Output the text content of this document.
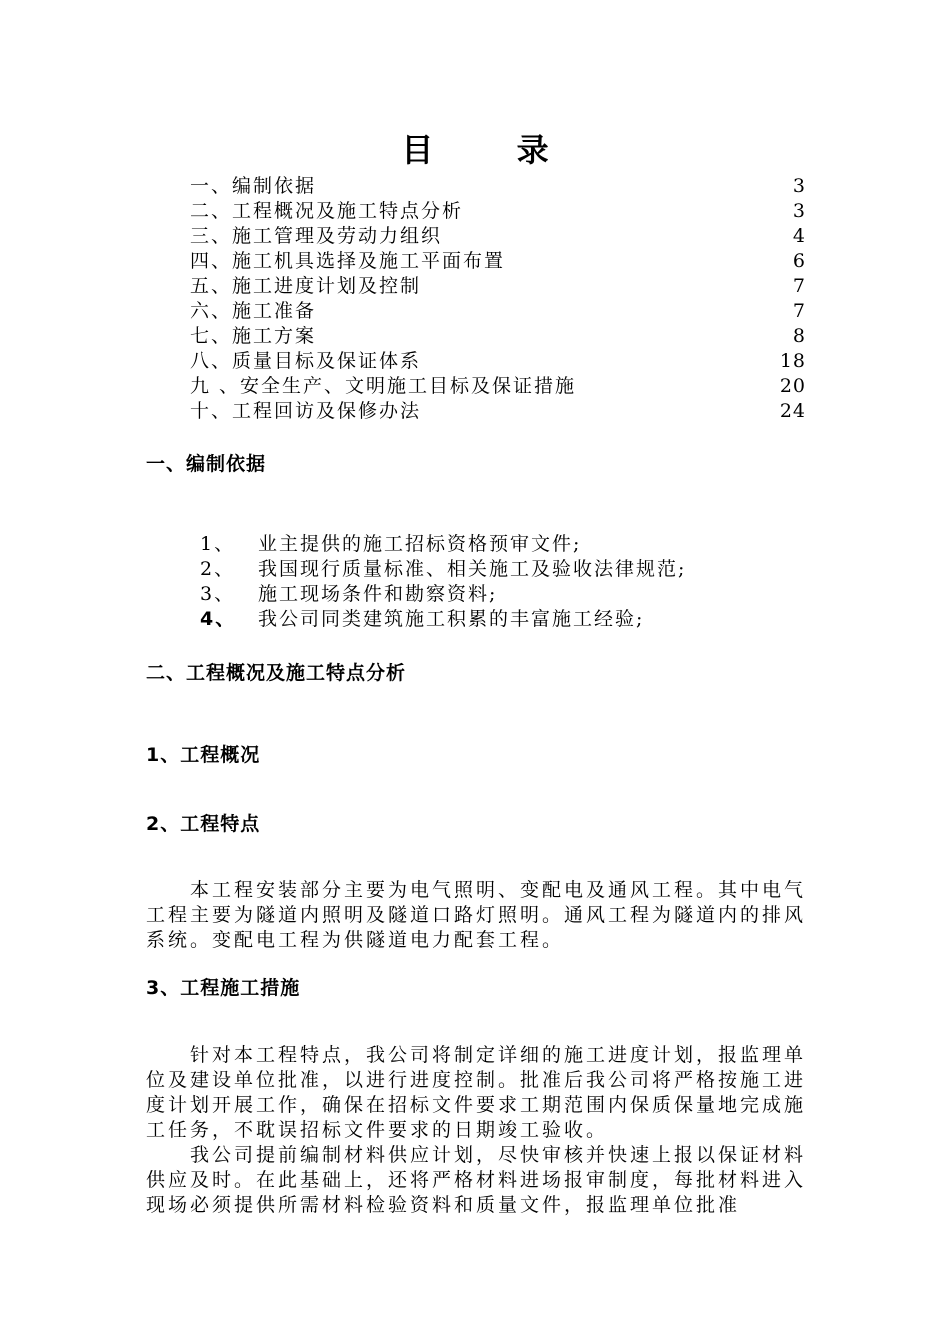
目 录
一、编制依据	3
二、工程概况及施工特点分析	3
三、施工管理及劳动力组织	4
四、施工机具选择及施工平面布置	6
五、施工进度计划及控制	7
六、施工准备	7
七、施工方案	8
八、质量目标及保证体系	18
九 、安全生产、文明施工目标及保证措施	20
十、工程回访及保修办法	24
一、编制依据
1、	业主提供的施工招标资格预审文件;
2、	我国现行质量标准、相关施工及验收法律规范;
3、	施工现场条件和勘察资料;
4、	我公司同类建筑施工积累的丰富施工经验;
二、工程概况及施工特点分析
1、工程概况
2、工程特点

本工程安装部分主要为电气照明、变配电及通风工程。其中电气工程主要为隧道内照明及隧道口路灯照明。通风工程为隧道内的排风系统。变配电工程为供隧道电力配套工程。

3、工程施工措施

针对本工程特点，我公司将制定详细的施工进度计划，报监理单位及建设单位批准，以进行进度控制。批准后我公司将严格按施工进度计划开展工作，确保在招标文件要求工期范围内保质保量地完成施工任务，不耽误招标文件要求的日期竣工验收。

我公司提前编制材料供应计划，尽快审核并快速上报以保证材料供应及时。在此基础上，还将严格材料进场报审制度，每批材料进入现场必须提供所需材料检验资料和质量文件，报监理单位批准
